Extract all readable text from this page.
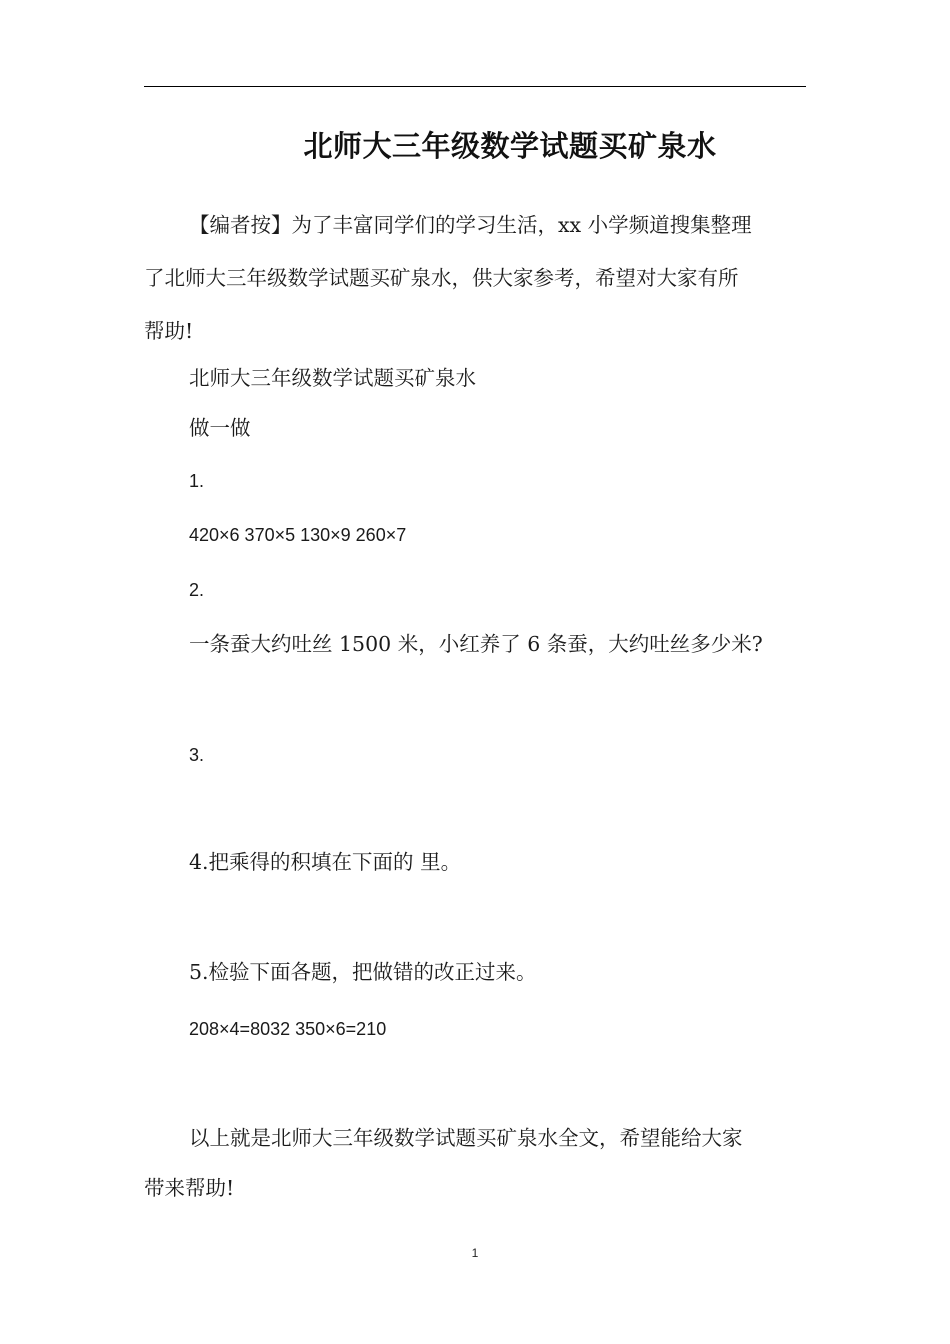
北师大三年级数学试题买矿泉水
【编者按】为了丰富同学们的学习生活，xx 小学频道搜集整理
了北师大三年级数学试题买矿泉水，供大家参考，希望对大家有所
帮助!
北师大三年级数学试题买矿泉水
做一做
1.
420×6 370×5 130×9 260×7
2.
一条蚕大约吐丝 1500 米，小红养了 6 条蚕，大约吐丝多少米?
3.
4.把乘得的积填在下面的 里。
5.检验下面各题，把做错的改正过来。
208×4=8032 350×6=210
以上就是北师大三年级数学试题买矿泉水全文，希望能给大家
带来帮助!
1
